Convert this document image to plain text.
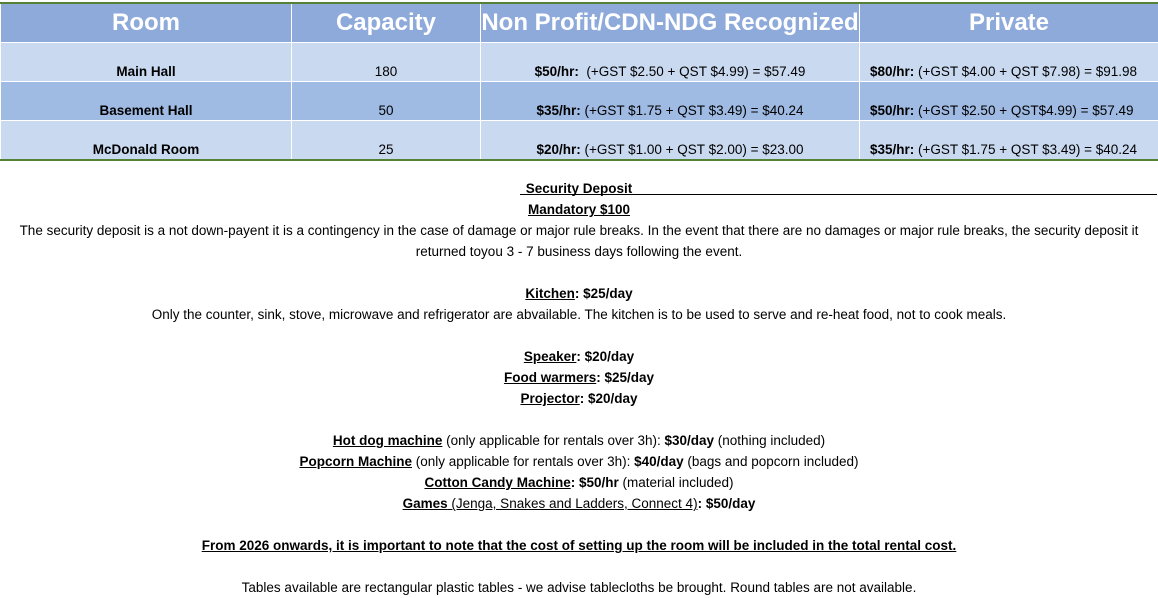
Room	Capacity	Non Profit/CDN-NDG Recognized	Private
Main Hall	180	$50/hr:  (+GST $2.50 + QST $4.99) = $57.49	$80/hr: (+GST $4.00 + QST $7.98) = $91.98
Basement Hall	50	$35/hr: (+GST $1.75 + QST $3.49) = $40.24	$50/hr: (+GST $2.50 + QST$4.99) = $57.49
McDonald Room	25	$20/hr: (+GST $1.00 + QST $2.00) = $23.00	$35/hr: (+GST $1.75 + QST $3.49) = $40.24

Security Deposit

Mandatory $100

The security deposit is a not down-payent it is a contingency in the case of damage or major rule breaks. In the event that there are no damages or major rule breaks, the security deposit it returned toyou 3 - 7 business days following the event.

Kitchen: $25/day

Only the counter, sink, stove, microwave and refrigerator are abvailable. The kitchen is to be used to serve and re-heat food, not to cook meals.

Speaker: $20/day

Food warmers: $25/day

Projector: $20/day

Hot dog machine (only applicable for rentals over 3h): $30/day (nothing included)

Popcorn Machine (only applicable for rentals over 3h): $40/day (bags and popcorn included)

Cotton Candy Machine: $50/hr (material included)

Games (Jenga, Snakes and Ladders, Connect 4): $50/day

From 2026 onwards, it is important to note that the cost of setting up the room will be included in the total rental cost.

Tables available are rectangular plastic tables - we advise tablecloths be brought. Round tables are not available.
